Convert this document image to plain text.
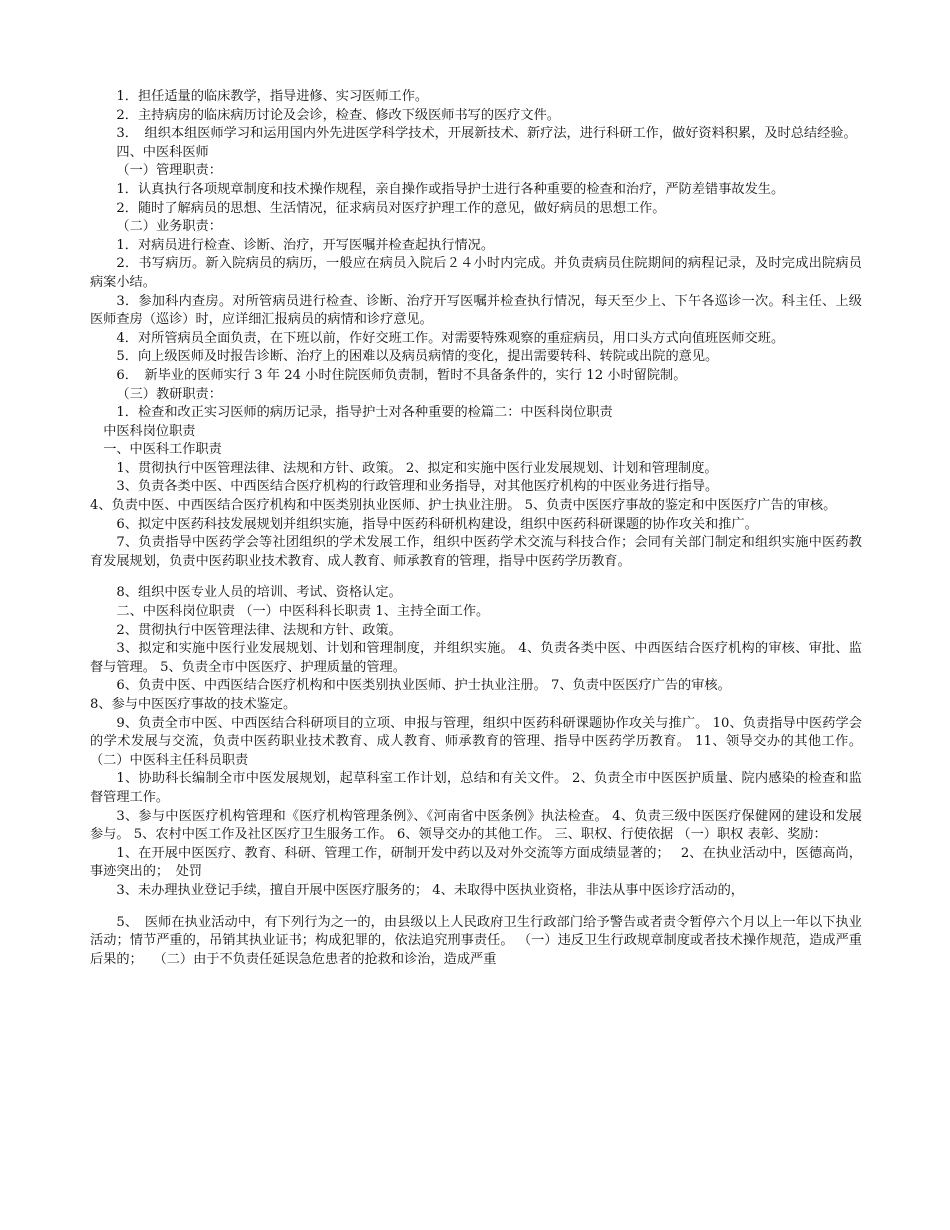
1．担任适量的临床教学，指导进修、实习医师工作。

2．主持病房的临床病历讨论及会诊，检查、修改下级医师书写的医疗文件。

3．　组织本组医师学习和运用国内外先进医学科学技术，开展新技术、新疗法，进行科研工作，做好资料积累，及时总结经验。

四、中医科医师

（一）管理职责：

1．认真执行各项规章制度和技术操作规程，亲自操作或指导护士进行各种重要的检查和治疗，严防差错事故发生。

2．随时了解病员的思想、生活情况，征求病员对医疗护理工作的意见，做好病员的思想工作。

（二）业务职责：

1．对病员进行检查、诊断、治疗，开写医嘱并检查起执行情况。

2．书写病历。新入院病员的病历，一般应在病员入院后２４小时内完成。并负责病员住院期间的病程记录，及时完成出院病员病案小结。

3．参加科内查房。对所管病员进行检查、诊断、治疗开写医嘱并检查执行情况，每天至少上、下午各巡诊一次。科主任、上级医师查房（巡诊）时，应详细汇报病员的病情和诊疗意见。

4．对所管病员全面负责，在下班以前，作好交班工作。对需要特殊观察的重症病员，用口头方式向值班医师交班。

5．向上级医师及时报告诊断、治疗上的困难以及病员病情的变化，提出需要转科、转院或出院的意见。

6．　新毕业的医师实行 3 年 24 小时住院医师负责制，暂时不具备条件的，实行 12 小时留院制。

（三）教研职责：

1．检查和改正实习医师的病历记录，指导护士对各种重要的检篇二：中医科岗位职责

中医科岗位职责

一、中医科工作职责

1、贯彻执行中医管理法律、法规和方针、政策。 2、拟定和实施中医行业发展规划、计划和管理制度。

3、负责各类中医、中西医结合医疗机构的行政管理和业务指导，对其他医疗机构的中医业务进行指导。

4、负责中医、中西医结合医疗机构和中医类别执业医师、护士执业注册。 5、负责中医医疗事故的鉴定和中医医疗广告的审核。

6、拟定中医药科技发展规划并组织实施，指导中医药科研机构建设，组织中医药科研课题的协作攻关和推广。

7、负责指导中医药学会等社团组织的学术发展工作，组织中医药学术交流与科技合作；会同有关部门制定和组织实施中医药教育发展规划，负责中医药职业技术教育、成人教育、师承教育的管理，指导中医药学历教育。

8、组织中医专业人员的培训、考试、资格认定。

二、中医科岗位职责 （一）中医科科长职责 1、主持全面工作。

2、贯彻执行中医管理法律、法规和方针、政策。

3、拟定和实施中医行业发展规划、计划和管理制度，并组织实施。 4、负责各类中医、中西医结合医疗机构的审核、审批、监督与管理。 5、负责全市中医医疗、护理质量的管理。

6、负责中医、中西医结合医疗机构和中医类别执业医师、护士执业注册。 7、负责中医医疗广告的审核。

8、参与中医医疗事故的技术鉴定。

9、负责全市中医、中西医结合科研项目的立项、申报与管理，组织中医药科研课题协作攻关与推广。 10、负责指导中医药学会的学术发展与交流，负责中医药职业技术教育、成人教育、师承教育的管理、指导中医药学历教育。 11、领导交办的其他工作。 （二）中医科主任科员职责

1、协助科长编制全市中医发展规划，起草科室工作计划，总结和有关文件。 2、负责全市中医医护质量、院内感染的检查和监督管理工作。

3、参与中医医疗机构管理和《医疗机构管理条例》、《河南省中医条例》执法检查。 4、负责三级中医医疗保健网的建设和发展参与。 5、农村中医工作及社区医疗卫生服务工作。 6、领导交办的其他工作。 三、职权、行使依据 （一）职权 表彰、奖励：

1、在开展中医医疗、教育、科研、管理工作，研制开发中药以及对外交流等方面成绩显著的；　 2、在执业活动中，医德高尚，事迹突出的；　处罚

3、未办理执业登记手续，擅自开展中医医疗服务的； 4、未取得中医执业资格，非法从事中医诊疗活动的，

5、　医师在执业活动中，有下列行为之一的，由县级以上人民政府卫生行政部门给予警告或者责令暂停六个月以上一年以下执业活动；情节严重的，吊销其执业证书；构成犯罪的，依法追究刑事责任。 （一）违反卫生行政规章制度或者技术操作规范，造成严重后果的；　 （二）由于不负责任延误急危患者的抢救和诊治，造成严重
